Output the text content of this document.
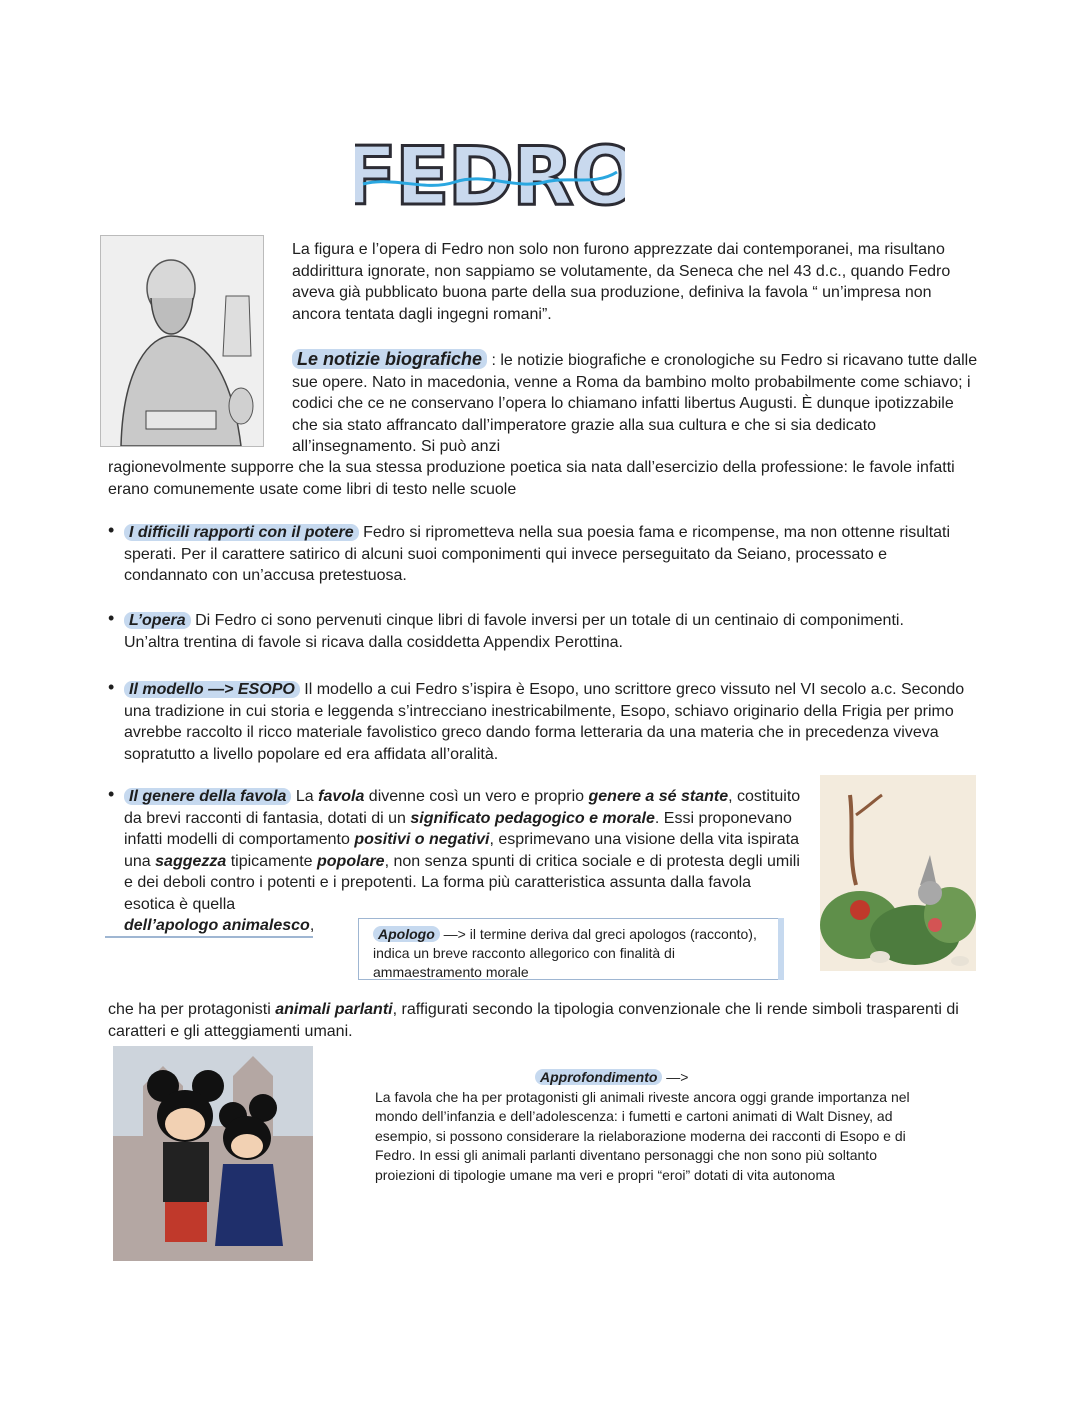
FEDRO
La figura e l’opera di Fedro non solo non furono apprezzate dai contemporanei, ma risultano addirittura ignorate, non sappiamo se volutamente, da Seneca che nel 43 d.c., quando Fedro aveva già pubblicato buona parte della sua produzione, definiva la favola “ un’impresa non ancora tentata dagli ingegni romani”.
Le notizie biografiche : le notizie biografiche e cronologiche su Fedro si ricavano tutte dalle sue opere. Nato in macedonia, venne a Roma da bambino molto probabilmente come schiavo; i codici che ce ne conservano l’opera lo chiamano infatti libertus Augusti. È dunque ipotizzabile che sia stato affrancato dall’imperatore grazie alla sua cultura e che si sia dedicato all’insegnamento. Si può anzi
ragionevolmente supporre che la sua stessa produzione poetica sia nata dall’esercizio della professione: le favole infatti erano comunemente usate come libri di testo nelle scuole
• I difficili rapporti con il potere Fedro si riprometteva nella sua poesia fama e ricompense, ma non ottenne risultati sperati. Per il carattere satirico di alcuni suoi componimenti qui invece perseguitato da Seiano, processato e condannato con un’accusa pretestuosa.
• L’opera Di Fedro ci sono pervenuti cinque libri di favole inversi per un totale di un centinaio di componimenti. Un’altra trentina di favole si ricava dalla cosiddetta Appendix Perottina.
• Il modello —> ESOPO Il modello a cui Fedro s’ispira è Esopo, uno scrittore greco vissuto nel VI secolo a.c. Secondo una tradizione in cui storia e leggenda s’intrecciano inestricabilmente, Esopo, schiavo originario della Frigia per primo avrebbe raccolto il ricco materiale favolistico greco dando forma letteraria da una materia che in precedenza viveva sopratutto a livello popolare ed era affidata all’oralità.
• Il genere della favola La favola divenne così un vero e proprio genere a sé stante, costituito da brevi racconti di fantasia, dotati di un significato pedagogico e morale. Essi proponevano infatti modelli di comportamento positivi o negativi, esprimevano una visione della vita ispirata una saggezza tipicamente popolare, non senza spunti di critica sociale e di protesta degli umili e dei deboli contro i potenti e i prepotenti. La forma più caratteristica assunta dalla favola esotica è quella
dell’apologo animalesco,	Apologo —> il termine deriva dal greci apologos (racconto), indica un breve racconto allegorico con finalità di ammaestramento morale
che ha per protagonisti animali parlanti, raffigurati secondo la tipologia convenzionale che li rende simboli trasparenti di caratteri e gli atteggiamenti umani.
Approfondimento —>
La favola che ha per protagonisti gli animali riveste ancora oggi grande importanza nel mondo dell’infanzia e dell’adolescenza: i fumetti e cartoni animati di Walt Disney, ad esempio, si possono considerare la rielaborazione moderna dei racconti di Esopo e di Fedro. In essi gli animali parlanti diventano personaggi che non sono più soltanto proiezioni di tipologie umane ma veri e propri “eroi” dotati di vita autonoma
